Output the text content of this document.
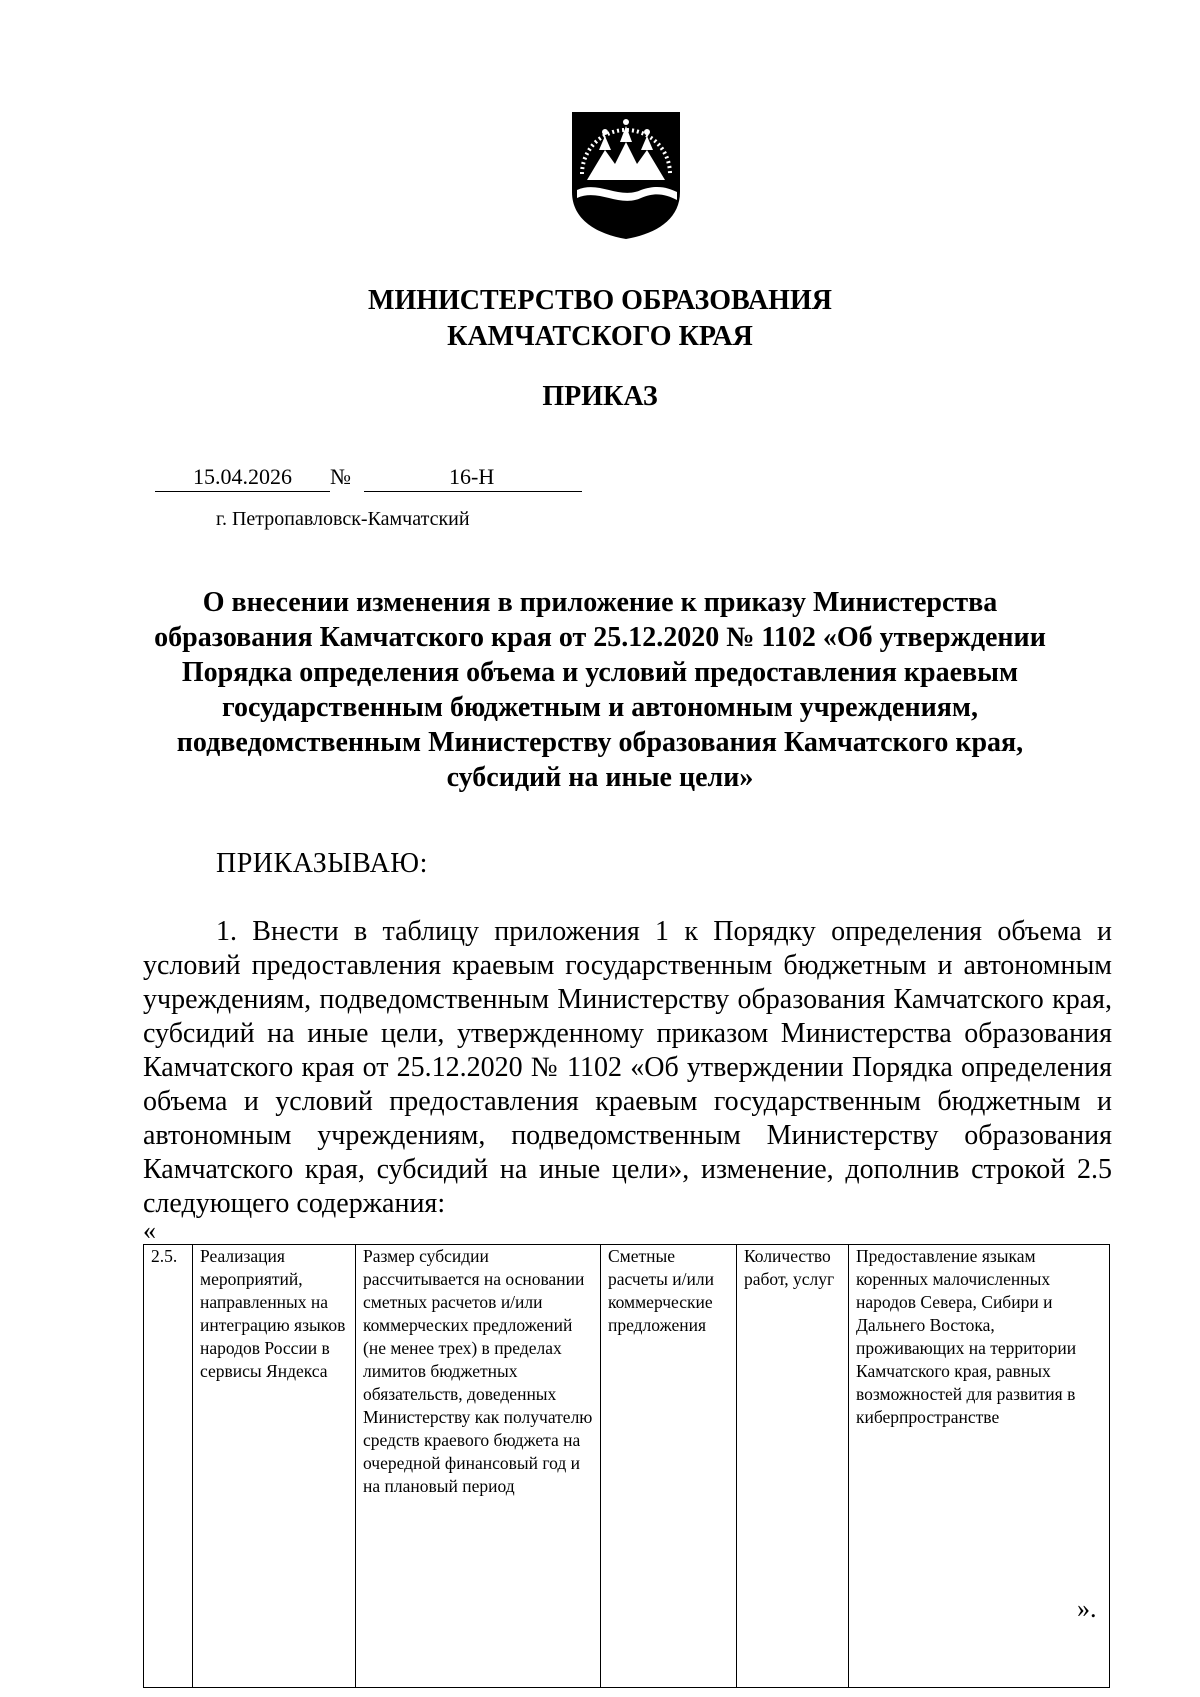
МИНИСТЕРСТВО ОБРАЗОВАНИЯ
КАМЧАТСКОГО КРАЯ
ПРИКАЗ
15.04.2026 №	16-Н
г. Петропавловск-Камчатский
О внесении изменения в приложение к приказу Министерства
образования Камчатского края от 25.12.2020 № 1102 «Об утверждении
Порядка определения объема и условий предоставления краевым
государственным бюджетным и автономным учреждениям,
подведомственным Министерству образования Камчатского края,
субсидий на иные цели»
ПРИКАЗЫВАЮ:

1. Внести в таблицу приложения 1 к Порядку определения объема и условий предоставления краевым государственным бюджетным и автономным учреждениям, подведомственным Министерству образования Камчатского края, субсидий на иные цели, утвержденному приказом Министерства образования Камчатского края от 25.12.2020 № 1102 «Об утверждении Порядка определения объема и условий предоставления краевым государственным бюджетным и автономным учреждениям, подведомственным Министерству образования Камчатского края, субсидий на иные цели», изменение, дополнив строкой 2.5 следующего содержания:

«
2.5.	Реализация мероприятий, направленных на интеграцию языков народов России в сервисы Яндекса	Размер субсидии рассчитывается на основании сметных расчетов и/или коммерческих предложений (не менее трех) в пределах лимитов бюджетных обязательств, доведенных Министерству как получателю средств краевого бюджета на очередной финансовый год и на плановый период	Сметные расчеты и/или коммерческие предложения	Количество работ, услуг	Предоставление языкам коренных малочисленных народов Севера, Сибири и Дальнего Востока, проживающих на территории Камчатского края, равных возможностей для развития в киберпространстве
».
